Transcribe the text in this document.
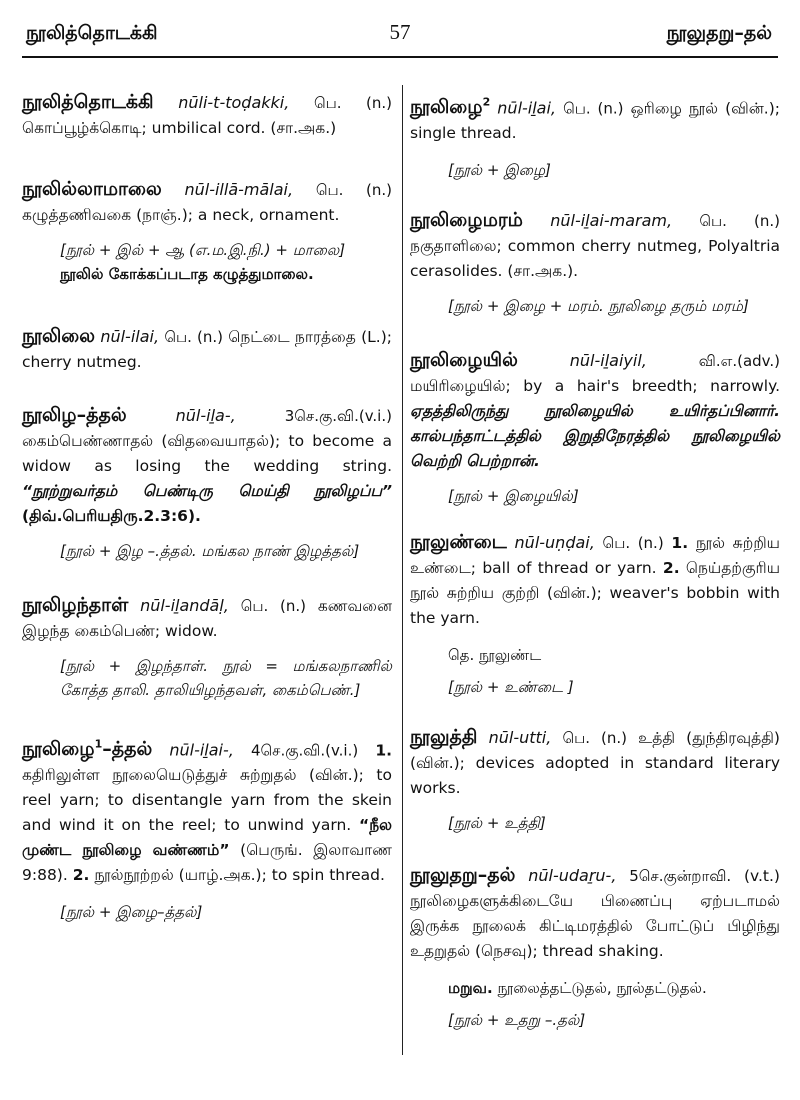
நூலித்தொடக்கி	57	நூலுதறு–தல்
நூலித்தொடக்கி nūli-t-toḍakki, பெ. (n.) கொப்பூழ்க்கொடி; umbilical cord. (சா.அக.)
நூலில்லாமாலை nūl-illā-mālai, பெ. (n.) கழுத்தணிவகை (நாஞ்.); a neck, ornament.
[நூல் + இல் + ஆ (எ.ம.இ.நி.) + மாலை]
நூலில் கோக்கப்படாத கழுத்துமாலை.
நூலிலை nūl-ilai, பெ. (n.) நெட்டை நாரத்தை (L.); cherry nutmeg.
நூலிழ–த்தல்	nūl-iḻa-,	3செ.கு.வி.(v.i.) கைம்பெண்ணாதல் (விதவையாதல்); to become a widow as losing the wedding string. “நூற்றுவர்தம் பெண்டிரு மெய்தி நூலிழப்ப” (திவ்.பெரியதிரு.2.3:6).
[நூல் + இழ –.த்தல். மங்கல நாண் இழத்தல்]
நூலிழந்தாள் nūl-iḻandāḷ, பெ. (n.) கணவனை இழந்த கைம்பெண்; widow.
[நூல் + இழந்தாள். நூல் = மங்கலநாணில் கோத்த தாலி. தாலியிழந்தவள், கைம்பெண்.]
நூலிழை$^1$–த்தல் nūl-iḻai-, 4செ.கு.வி.(v.i.) 1. கதிரிலுள்ள நூலையெடுத்துச் சுற்றுதல் (வின்.); to reel yarn; to disentangle yarn from the skein and wind it on the reel; to unwind yarn. “நீல முண்ட நூலிழை வண்ணம்” (பெருங். இலாவாண 9:88). 2. நூல்நூற்றல் (யாழ்.அக.); to spin thread.
[நூல் + இழை–த்தல்]
நூலிழை$^2$ nūl-iḻai, பெ. (n.) ஒரிழை நூல் (வின்.); single thread.
[நூல் + இழை]
நூலிழைமரம் nūl-iḻai-maram, பெ. (n.) நகுதாளிலை; common cherry nutmeg, Polyaltria cerasolides. (சா.அக.).
[நூல் + இழை + மரம். நூலிழை தரும் மரம்]
நூலிழையில்	nūl-iḻaiyil,	வி.எ.(adv.) மயிரிழையில்; by a hair's breedth; narrowly. ஏதத்திலிருந்து நூலிழையில் உயிர்தப்பினார். கால்பந்தாட்டத்தில் இறுதிநேரத்தில் நூலிழையில் வெற்றி பெற்றான்.
[நூல் + இழையில்]
நூலுண்டை nūl-uṇḍai, பெ. (n.) 1. நூல் சுற்றிய உண்டை; ball of thread or yarn. 2. நெய்தற்குரிய நூல் சுற்றிய குற்றி (வின்.); weaver's bobbin with the yarn.
தெ. நூலுண்ட
[நூல் + உண்டை ]
நூலுத்தி nūl-utti, பெ. (n.) உத்தி (துந்திரவுத்தி) (வின்.); devices adopted in standard literary works.
[நூல் + உத்தி]
நூலுதறு–தல் nūl-udaṟu-, 5செ.குன்றாவி. (v.t.) நூலிழைகளுக்கிடையே பிணைப்பு ஏற்படாமல் இருக்க நூலைக் கிட்டிமரத்தில் போட்டுப் பிழிந்து உதறுதல் (நெசவு); thread shaking.
மறுவ. நூலைத்தட்டுதல், நூல்தட்டுதல்.
[நூல் + உதறு –.தல்]
